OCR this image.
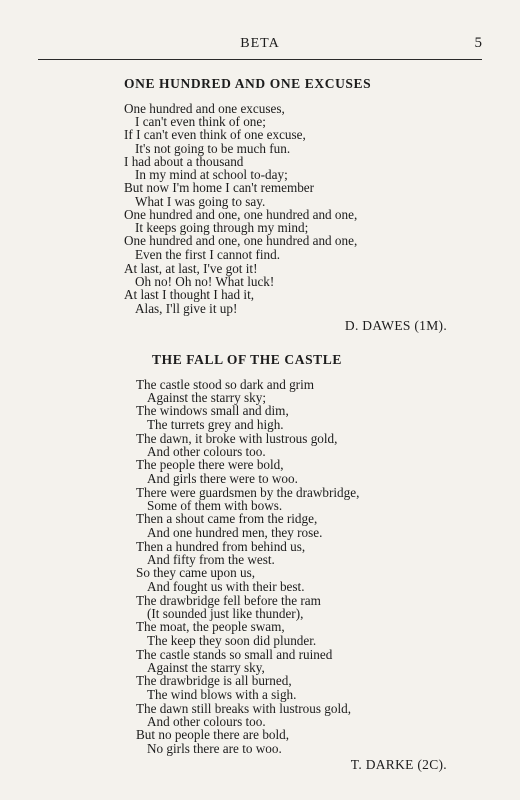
BETA	5
ONE HUNDRED AND ONE EXCUSES
One hundred and one excuses,
I can't even think of one;
If I can't even think of one excuse,
It's not going to be much fun.
I had about a thousand
In my mind at school to-day;
But now I'm home I can't remember
What I was going to say.
One hundred and one, one hundred and one,
It keeps going through my mind;
One hundred and one, one hundred and one,
Even the first I cannot find.
At last, at last, I've got it!
Oh no! Oh no! What luck!
At last I thought I had it,
Alas, I'll give it up!
D. DAWES (1M).
THE FALL OF THE CASTLE
The castle stood so dark and grim
Against the starry sky;
The windows small and dim,
The turrets grey and high.
The dawn, it broke with lustrous gold,
And other colours too.
The people there were bold,
And girls there were to woo.
There were guardsmen by the drawbridge,
Some of them with bows.
Then a shout came from the ridge,
And one hundred men, they rose.
Then a hundred from behind us,
And fifty from the west.
So they came upon us,
And fought us with their best.
The drawbridge fell before the ram
(It sounded just like thunder),
The moat, the people swam,
The keep they soon did plunder.
The castle stands so small and ruined
Against the starry sky,
The drawbridge is all burned,
The wind blows with a sigh.
The dawn still breaks with lustrous gold,
And other colours too.
But no people there are bold,
No girls there are to woo.
T. DARKE (2C).
